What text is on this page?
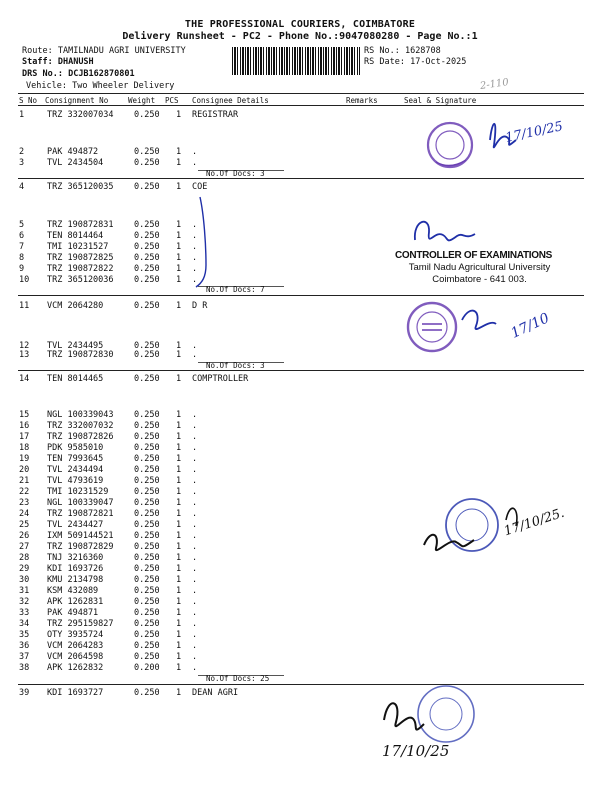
THE PROFESSIONAL COURIERS, COIMBATORE
Delivery Runsheet - PC2 - Phone No.:9047080280 - Page No.:1
Route: TAMILNADU AGRI UNIVERSITY
Staff: DHANUSH
DRS No.: DCJB162870801
Vehicle: Two Wheeler Delivery
RS No.: 1628708
RS Date: 17-Oct-2025
2-110
S No Consignment No	Weight PCS Consignee Details	Remarks	Seal & Signature
1	TRZ 332007034 0.250 1 REGISTRAR
2	PAK 494872	0.250 1 .
3	TVL 2434504	0.250 1 .
4	TRZ 365120035 0.250 1 COE
5	TRZ 190872831 0.250 1 .
6	TEN 8014464	0.250 1 .
7	TMI 10231527	0.250 1 .
8	TRZ 190872825 0.250 1 .
9	TRZ 190872822 0.250 1 .
10 TRZ 365120036 0.250 1 .
11 VCM 2064280	0.250 1 D R
12 TVL 2434495	0.250 1 .
13 TRZ 190872830 0.250 1 .
14 TEN 8014465	0.250 1 COMPTROLLER
15 NGL 100339043 0.250 1 .
16 TRZ 332007032 0.250 1 .
17 TRZ 190872826 0.250 1 .
18 PDK 9585010	0.250 1 .
19 TEN 7993645	0.250 1 .
20 TVL 2434494	0.250 1 .
21 TVL 4793619	0.250 1 .
22 TMI 10231529	0.250 1 .
23 NGL 100339047 0.250 1 .
24 TRZ 190872821 0.250 1 .
25 TVL 2434427	0.250 1 .
26 IXM 509144521 0.250 1 .
27 TRZ 190872829 0.250 1 .
28 TNJ 3216360	0.250 1 .
29 KDI 1693726	0.250 1 .
30 KMU 2134798	0.250 1 .
31 KSM 432089	0.250 1 .
32 APK 1262831	0.250 1 .
33 PAK 494871	0.250 1 .
34 TRZ 295159827 0.250 1 .
35 OTY 3935724	0.250 1 .
36 VCM 2064283	0.250 1 .
37 VCM 2064598	0.250 1 .
38 APK 1262832	0.200 1 .
39 KDI 1693727	0.250 1 DEAN AGRI
No.Of Docs: 3
No.Of Docs: 7
No.Of Docs: 3
No.Of Docs: 25
17/10/25
CONTROLLER OF EXAMINATIONS
Tamil Nadu Agricultural University
Coimbatore - 641 003.
17/10
17/10/25.
17/10/25
